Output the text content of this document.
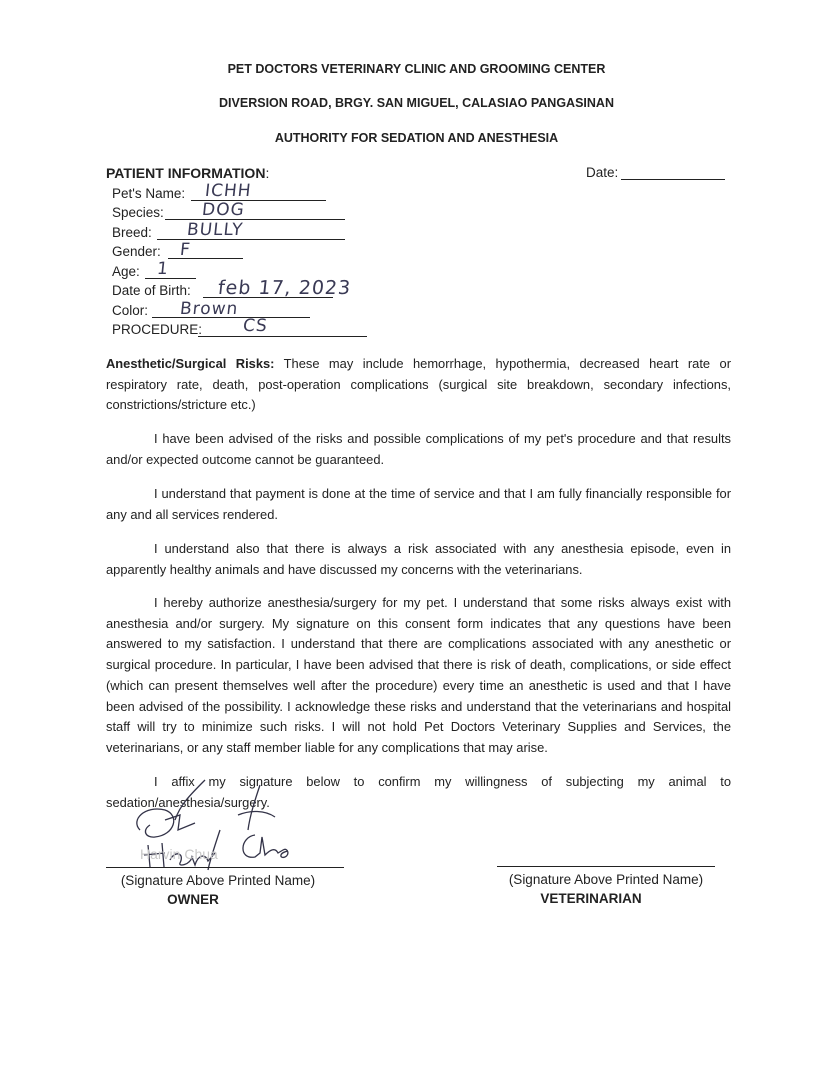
PET DOCTORS VETERINARY CLINIC AND GROOMING CENTER
DIVERSION ROAD, BRGY. SAN MIGUEL, CALASIAO PANGASINAN
AUTHORITY FOR SEDATION AND ANESTHESIA
PATIENT INFORMATION:	Date:
Pet's Name: ICHH
Species: DOG
Breed: BULLY
Gender: F
Age: 1
Date of Birth: feb 17, 2023
Color: Brown
PROCEDURE: CS
Anesthetic/Surgical Risks: These may include hemorrhage, hypothermia, decreased heart rate or respiratory rate, death, post-operation complications (surgical site breakdown, secondary infections, constrictions/stricture etc.)
I have been advised of the risks and possible complications of my pet's procedure and that results and/or expected outcome cannot be guaranteed.
I understand that payment is done at the time of service and that I am fully financially responsible for any and all services rendered.
I understand also that there is always a risk associated with any anesthesia episode, even in apparently healthy animals and have discussed my concerns with the veterinarians.
I hereby authorize anesthesia/surgery for my pet. I understand that some risks always exist with anesthesia and/or surgery. My signature on this consent form indicates that any questions have been answered to my satisfaction. I understand that there are complications associated with any anesthetic or surgical procedure. In particular, I have been advised that there is risk of death, complications, or side effect (which can present themselves well after the procedure) every time an anesthetic is used and that I have been advised of the possibility. I acknowledge these risks and understand that the veterinarians and hospital staff will try to minimize such risks. I will not hold Pet Doctors Veterinary Supplies and Services, the veterinarians, or any staff member liable for any complications that may arise.
I affix my signature below to confirm my willingness of subjecting my animal to sedation/anesthesia/surgery.
Harvin Chua
(Signature Above Printed Name)
OWNER
(Signature Above Printed Name)
VETERINARIAN
